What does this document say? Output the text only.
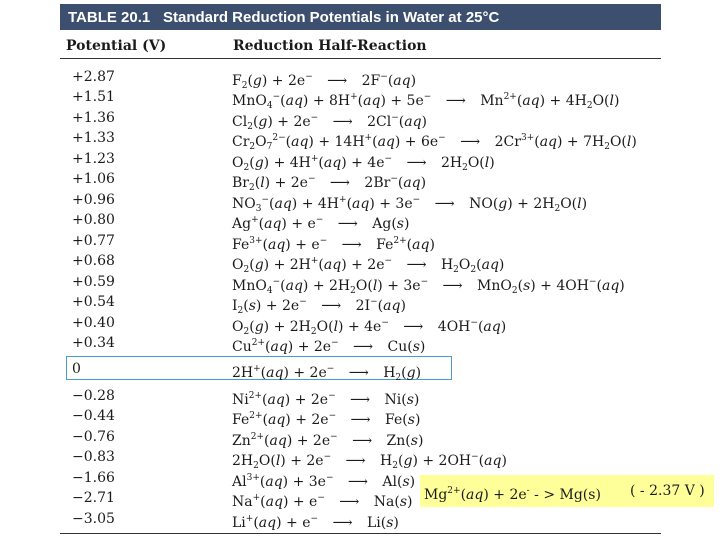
TABLE 20.1 Standard Reduction Potentials in Water at 25°C
Potential (V)	Reduction Half-Reaction
+2.87	$F_2(g) + 2e^-$ ⟶ 2F−(aq)
+1.51	MnO$_4$−(aq) + 8H+(aq) + 5e− ⟶ $Mn^{2+}(aq) + 4H_2O(l)$
+1.36	$Cl_2(g) + 2e^-$ ⟶ 2Cl−(aq)
+1.33	$Cr_2O_7^{2-}(aq) + 14H^+(aq) + 6e^-$ ⟶ $2Cr^{3+}(aq) + 7H_2O(l)$
+1.23	$O_2(g) + 4H^+(aq) + 4e^-$ ⟶ $2H_2O(l)$
+1.06	$Br_2(l) + 2e^-$ ⟶ 2Br−(aq)
+0.96	$NO_3^-(aq) + 4H^+(aq) + 3e^-$ ⟶ $NO(g) + 2H_2O(l)$
+0.80	Ag+(aq) + e− ⟶ Ag(s)
+0.77	$Fe^{3+}(aq) + e^-$ ⟶ $Fe^{2+}(aq)$
+0.68	$O_2(g) + 2H^+(aq) + 2e^-$ ⟶ $H_2O_2(aq)$
+0.59	$MnO_4^-(aq) + 2H_2O(l) + 3e^-$ ⟶ MnO$_2$(s) + 4OH−(aq)
+0.54	$I_2(s) + 2e^-$ ⟶ 2I−(aq)
+0.40	$O_2(g) + 2H_2O(l) + 4e^-$ ⟶ 4OH−(aq)
+0.34	$Cu^{2+}(aq) + 2e^-$ ⟶ Cu(s)
0	2H+(aq) + 2e− ⟶ $H_2(g)$
−0.28	$Ni^{2+}(aq) + 2e^-$ ⟶ Ni(s)
−0.44	$Fe^{2+}(aq) + 2e^-$ ⟶ Fe(s)
−0.76	$Zn^{2+}(aq) + 2e^-$ ⟶ Zn(s)
−0.83	$2H_2O(l) + 2e^-$ ⟶ $H_2(g) + 2OH^-(aq)$
−1.66	$Al^{3+}(aq) + 3e^-$ ⟶ Al(s)
−2.71	Na+(aq) + e− ⟶ Na(s)
−3.05	Li+(aq) + e− ⟶ Li(s)
$Mg^{2+}(aq) + 2e^-$ - > Mg(s) ( - 2.37 V )
